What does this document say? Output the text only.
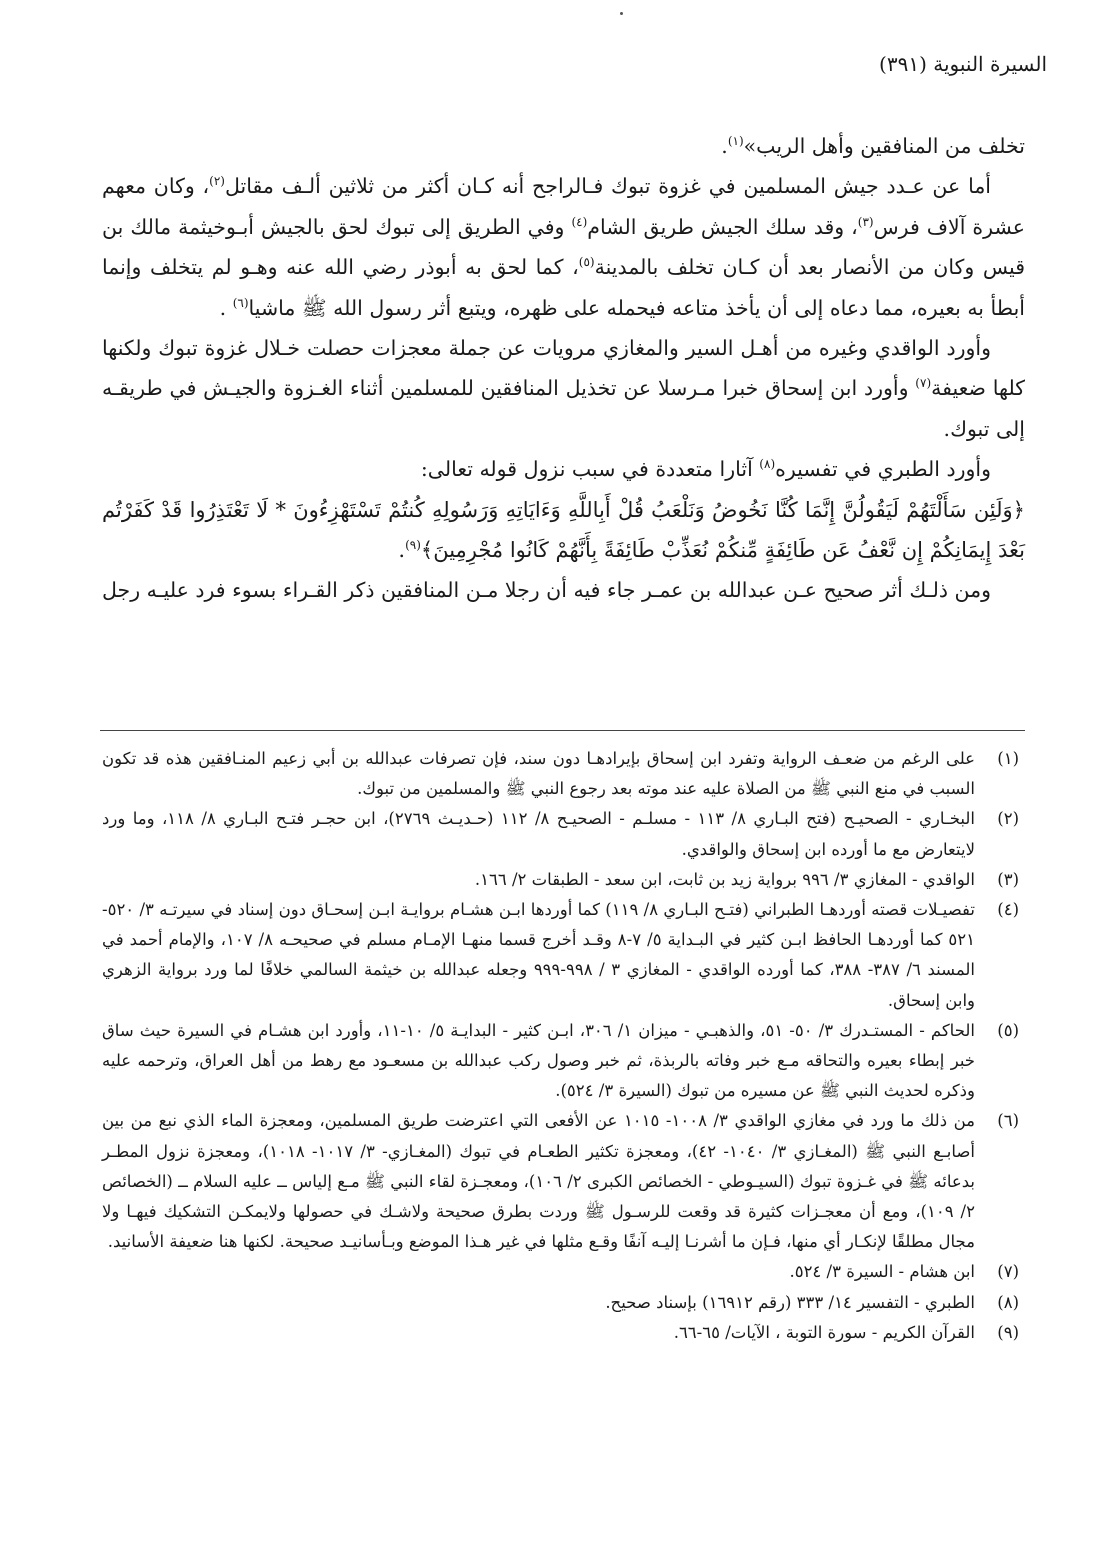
السيرة النبوية (٣٩١)

تخلف من المنافقين وأهل الريب»$^{(١)}$.

أما عن عـدد جيش المسلمين في غزوة تبوك فـالراجح أنه كـان أكثر من ثلاثين ألـف مقاتل$^{(٢)}$، وكان معهم عشرة آلاف فرس$^{(٣)}$، وقد سلك الجيش طريق الشام$^{(٤)}$ وفي الطريق إلى تبوك لحق بالجيش أبـوخيثمة مالك بن قيس وكان من الأنصار بعد أن كـان تخلف بالمدينة$^{(٥)}$، كما لحق به أبوذر رضي الله عنه وهـو لم يتخلف وإنما أبطأ به بعيره، مما دعاه إلى أن يأخذ متاعه فيحمله على ظهره، ويتبع أثر رسول الله ﷺ ماشيا$^{(٦)}$ .

وأورد الواقدي وغيره من أهـل السير والمغازي مرويات عن جملة معجزات حصلت خـلال غزوة تبوك ولكنها كلها ضعيفة$^{(٧)}$ وأورد ابن إسحاق خبرا مـرسلا عن تخذيل المنافقين للمسلمين أثناء الغـزوة والجيـش في طريقـه إلى تبوك.

وأورد الطبري في تفسيره$^{(٨)}$ آثارا متعددة في سبب نزول قوله تعالى:

﴿وَلَئِن سَأَلْتَهُمْ لَيَقُولُنَّ إِنَّمَا كُنَّا نَخُوضُ وَنَلْعَبُ قُلْ أَبِاللَّهِ وَءَايَاتِهِ وَرَسُولِهِ كُنتُمْ تَسْتَهْزِءُونَ * لَا تَعْتَذِرُوا قَدْ كَفَرْتُم بَعْدَ إِيمَانِكُمْ إِن نَّعْفُ عَن طَائِفَةٍ مِّنكُمْ نُعَذِّبْ طَائِفَةً بِأَنَّهُمْ كَانُوا مُجْرِمِينَ﴾$^{(٩)}$.

ومن ذلـك أثر صحيح عـن عبدالله بن عمـر جاء فيه أن رجلا مـن المنافقين ذكر القـراء بسوء فرد عليـه رجل

(١)
على الرغم من ضعـف الرواية وتفرد ابن إسحاق بإيرادهـا دون سند، فإن تصرفات عبدالله بن أبي زعيم المنـافقين هذه قد تكون السبب في منع النبي ﷺ من الصلاة عليه عند موته بعد رجوع النبي ﷺ والمسلمين من تبوك.
(٢)
البخـاري - الصحيـح (فتح البـاري ٨/ ١١٣ - مسلـم - الصحيـح ٨/ ١١٢ (حـديـث ٢٧٦٩)، ابن حجـر فتـح البـاري ٨/ ١١٨، وما ورد لايتعارض مع ما أورده ابن إسحاق والواقدي.
(٣)
الواقدي - المغازي ٣/ ٩٩٦ برواية زيد بن ثابت، ابن سعد - الطبقات ٢/ ١٦٦.
(٤)
تفصيـلات قصته أوردهـا الطبراني (فتـح البـاري ٨/ ١١٩) كما أوردها ابـن هشـام بروايـة ابـن إسحـاق دون إسناد في سيرتـه ٣/ ٥٢٠- ٥٢١ كما أوردهـا الحافظ ابـن كثير في البـداية ٥/ ٧-٨ وقـد أخرج قسما منهـا الإمـام مسلم في صحيحـه ٨/ ١٠٧، والإمام أحمد في المسند ٦/ ٣٨٧- ٣٨٨، كما أورده الواقدي - المغازي ٣ / ٩٩٨-٩٩٩ وجعله عبدالله بن خيثمة السالمي خلافًا لما ورد برواية الزهري وابن إسحاق.
(٥)
الحاكم - المستـدرك ٣/ ٥٠- ٥١، والذهبـي - ميزان ١/ ٣٠٦، ابـن كثير - البدايـة ٥/ ١٠-١١، وأورد ابن هشـام في السيرة حيث ساق خبر إبطاء بعيره والتحاقه مـع خبر وفاته بالربذة، ثم خبر وصول ركب عبدالله بن مسعـود مع رهط من أهل العراق، وترحمه عليه وذكره لحديث النبي ﷺ عن مسيره من تبوك (السيرة ٣/ ٥٢٤).
(٦)
من ذلك ما ورد في مغازي الواقدي ٣/ ١٠٠٨- ١٠١٥ عن الأفعى التي اعترضت طريق المسلمين، ومعجزة الماء الذي نبع من بين أصابـع النبي ﷺ (المغـازي ٣/ ١٠٤٠- ٤٢)، ومعجزة تكثير الطعـام في تبوك (المغـازي- ٣/ ١٠١٧- ١٠١٨)، ومعجزة نزول المطـر بدعائه ﷺ في غـزوة تبوك (السيـوطي - الخصائص الكبرى ٢/ ١٠٦)، ومعجـزة لقاء النبي ﷺ مـع إلياس ــ عليه السلام ــ (الخصائص ٢/ ١٠٩)، ومع أن معجـزات كثيرة قد وقعت للرسـول ﷺ وردت بطرق صحيحة ولاشـك في حصولها ولايمكـن التشكيك فيهـا ولا مجال مطلقًا لإنكـار أي منها، فـإن ما أشرنـا إليـه آنفًا وقـع مثلها في غير هـذا الموضع وبـأسانيـد صحيحة. لكنها هنا ضعيفة الأسانيد.
(٧)
ابن هشام - السيرة ٣/ ٥٢٤.
(٨)
الطبري - التفسير ١٤/ ٣٣٣ (رقم ١٦٩١٢) بإسناد صحيح.
(٩)
القرآن الكريم - سورة التوبة ، الآيات/ ٦٥-٦٦.
